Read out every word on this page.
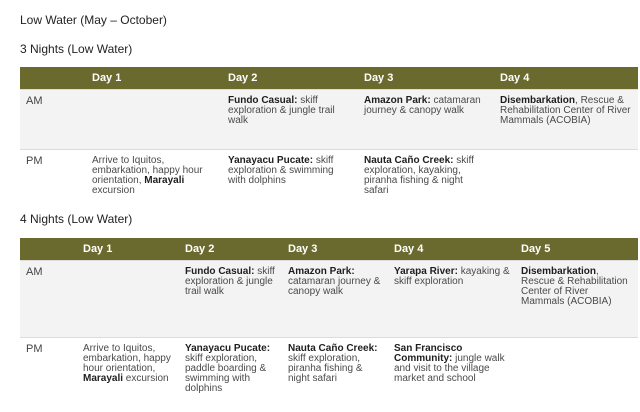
Low Water (May – October)
3 Nights (Low Water)
	Day 1	Day 2	Day 3	Day 4
AM		Fundo Casual: skiff exploration & jungle trail walk	Amazon Park: catamaran journey & canopy walk	Disembarkation, Rescue & Rehabilitation Center of River Mammals (ACOBIA)
PM	Arrive to Iquitos, embarkation, happy hour orientation, Marayali excursion	Yanayacu Pucate: skiff exploration & swimming with dolphins	Nauta Caño Creek: skiff exploration, kayaking, piranha fishing & night safari	
4 Nights (Low Water)
	Day 1	Day 2	Day 3	Day 4	Day 5
AM		Fundo Casual: skiff exploration & jungle trail walk	Amazon Park: catamaran journey & canopy walk	Yarapa River: kayaking & skiff exploration	Disembarkation, Rescue & Rehabilitation Center of River Mammals (ACOBIA)
PM	Arrive to Iquitos, embarkation, happy hour orientation, Marayali excursion	Yanayacu Pucate: skiff exploration, paddle boarding & swimming with dolphins	Nauta Caño Creek: skiff exploration, piranha fishing & night safari	San Francisco Community: jungle walk and visit to the village market and school	
